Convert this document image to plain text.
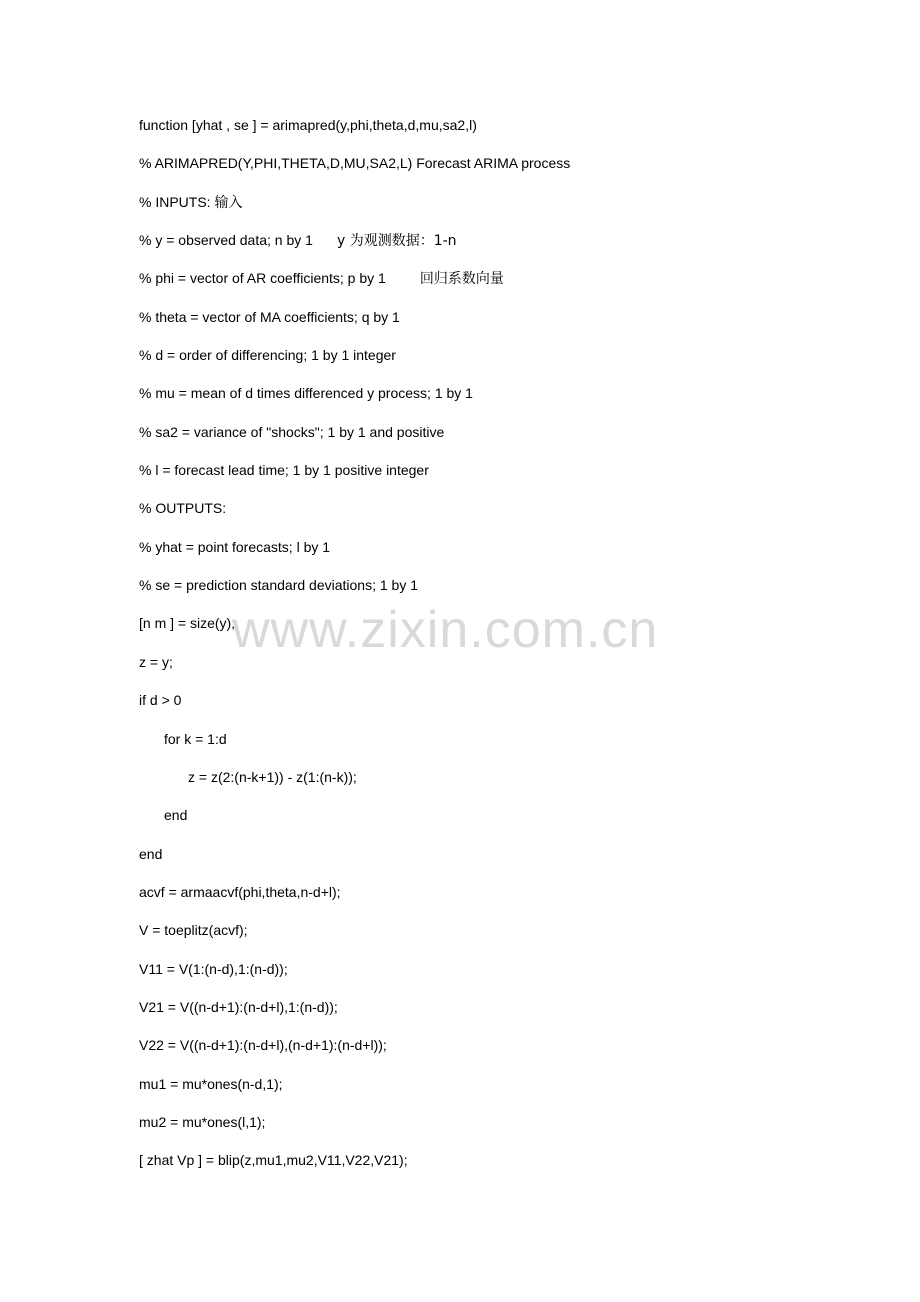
function [yhat , se ] = arimapred(y,phi,theta,d,mu,sa2,l)

% ARIMAPRED(Y,PHI,THETA,D,MU,SA2,L) Forecast ARIMA process

% INPUTS: 输入

% y = observed data; n by 1 y 为观测数据：1-n

% phi = vector of AR coefficients; p by 1 回归系数向量

% theta = vector of MA coefficients; q by 1

% d = order of differencing; 1 by 1 integer

% mu = mean of d times differenced y process; 1 by 1

% sa2 = variance of "shocks"; 1 by 1 and positive

% l = forecast lead time; 1 by 1 positive integer

% OUTPUTS:

% yhat = point forecasts; l by 1

% se = prediction standard deviations; 1 by 1

[n m ] = size(y);

z = y;

if d > 0

for k = 1:d

z = z(2:(n-k+1)) - z(1:(n-k));

end

end

acvf = armaacvf(phi,theta,n-d+l);

V = toeplitz(acvf);

V11 = V(1:(n-d),1:(n-d));

V21 = V((n-d+1):(n-d+l),1:(n-d));

V22 = V((n-d+1):(n-d+l),(n-d+1):(n-d+l));

mu1 = mu*ones(n-d,1);

mu2 = mu*ones(l,1);

[ zhat Vp ] = blip(z,mu1,mu2,V11,V22,V21);

www.zixin.com.cn
